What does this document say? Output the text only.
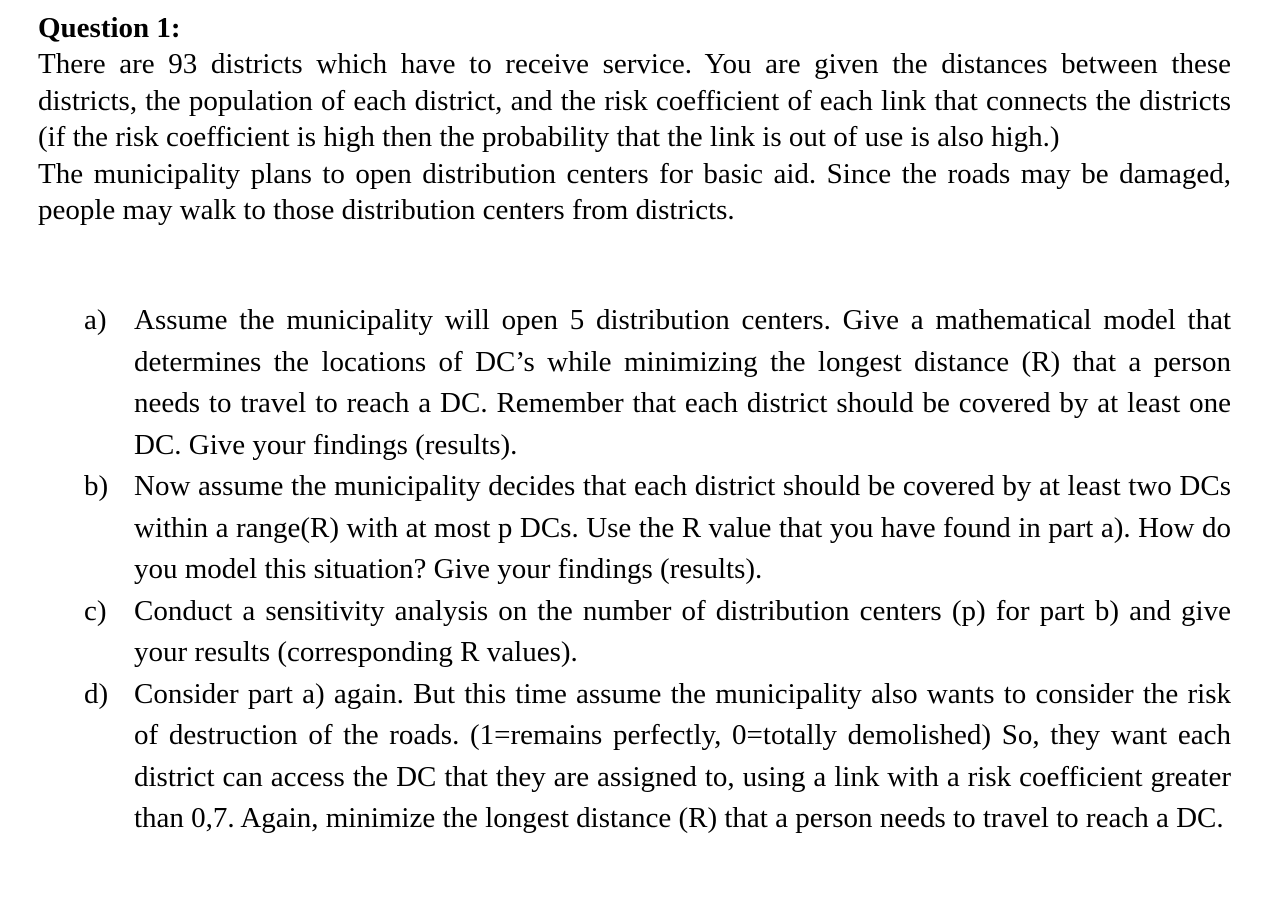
Question 1:

There are 93 districts which have to receive service. You are given the distances between these districts, the population of each district, and the risk coefficient of each link that connects the districts (if the risk coefficient is high then the probability that the link is out of use is also high.)

The municipality plans to open distribution centers for basic aid. Since the roads may be damaged, people may walk to those distribution centers from districts.

a) Assume the municipality will open 5 distribution centers. Give a mathematical model that determines the locations of DC’s while minimizing the longest distance (R) that a person needs to travel to reach a DC. Remember that each district should be covered by at least one DC. Give your findings (results).
b) Now assume the municipality decides that each district should be covered by at least two DCs within a range(R) with at most p DCs. Use the R value that you have found in part a). How do you model this situation? Give your findings (results).
c) Conduct a sensitivity analysis on the number of distribution centers (p) for part b) and give your results (corresponding R values).
d) Consider part a) again. But this time assume the municipality also wants to consider the risk of destruction of the roads. (1=remains perfectly, 0=totally demolished) So, they want each district can access the DC that they are assigned to, using a link with a risk coefficient greater than 0,7. Again, minimize the longest distance (R) that a person needs to travel to reach a DC.
